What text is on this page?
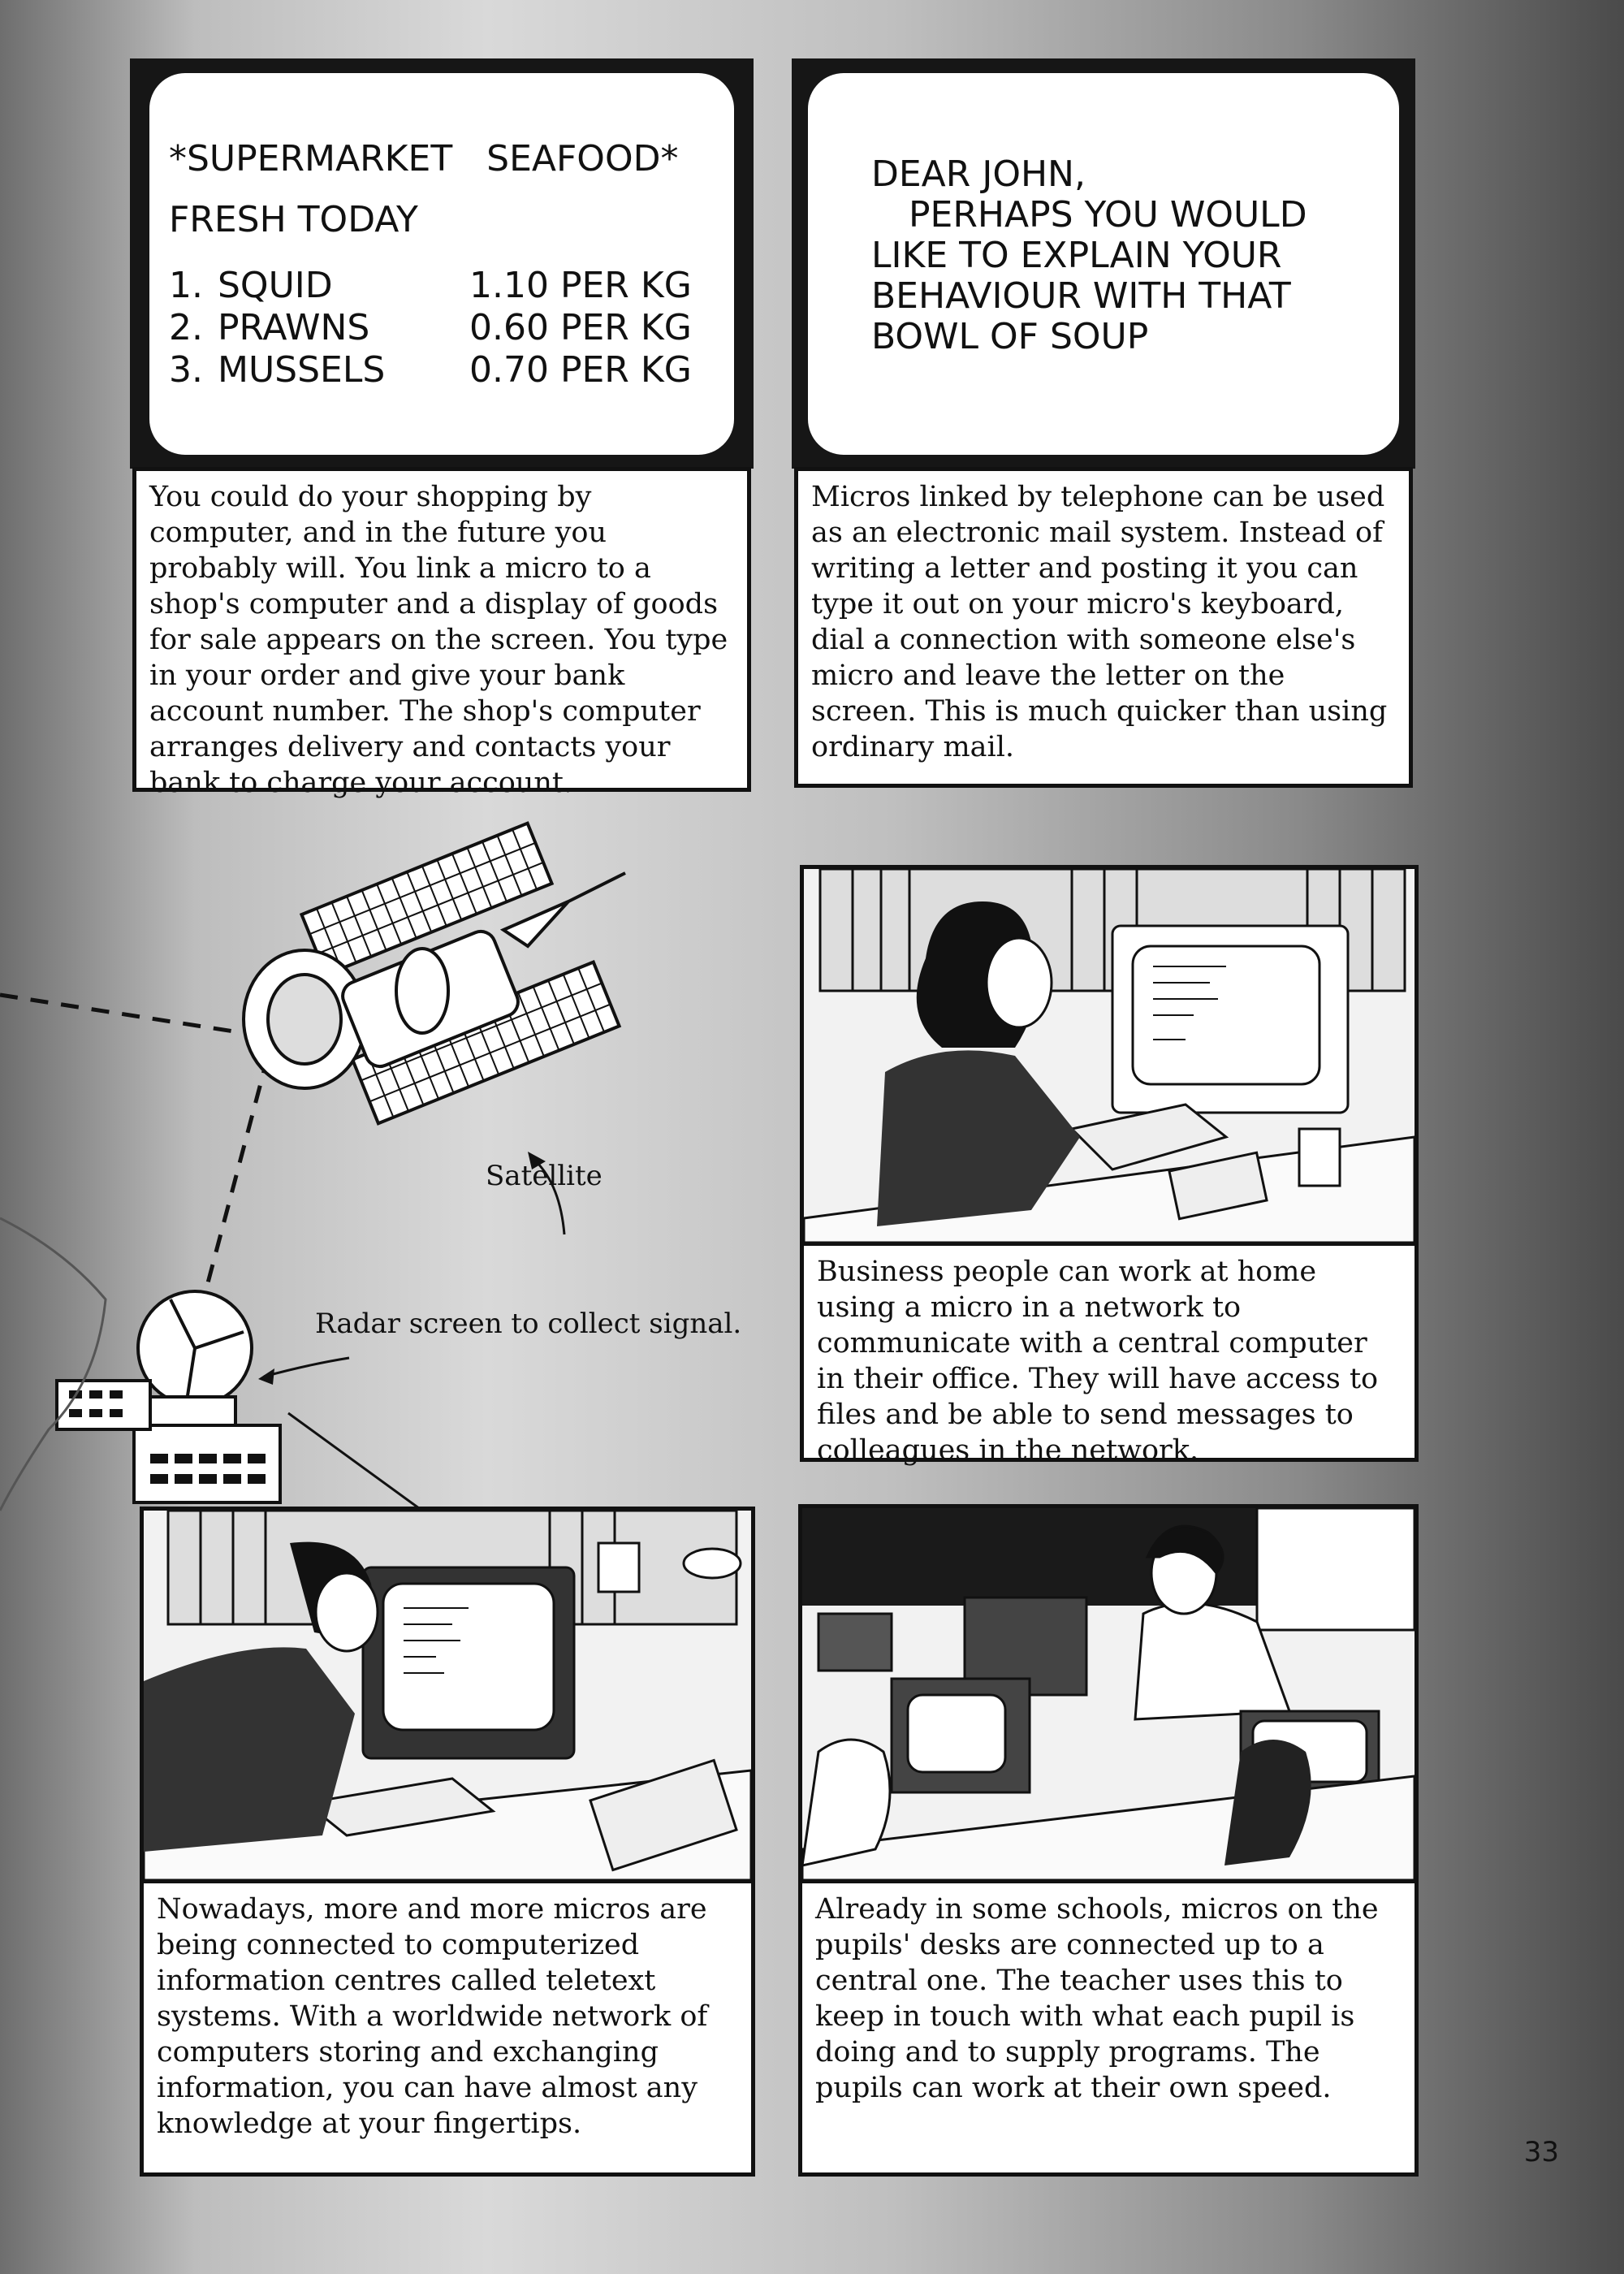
*SUPERMARKET   SEAFOOD*
FRESH TODAY
1. SQUID	1.10 PER KG
2. PRAWNS	0.60 PER KG
3. MUSSELS	0.70 PER KG
You could do your shopping by computer, and in the future you probably will. You link a micro to a shop's computer and a display of goods for sale appears on the screen. You type in your order and give your bank account number. The shop's computer arranges delivery and contacts your bank to charge your account.
DEAR JOHN,
PERHAPS YOU WOULD
LIKE TO EXPLAIN YOUR
BEHAVIOUR WITH THAT
BOWL OF SOUP
Micros linked by telephone can be used as an electronic mail system. Instead of writing a letter and posting it you can type it out on your micro's keyboard, dial a connection with someone else's micro and leave the letter on the screen. This is much quicker than using ordinary mail.
Satellite
Radar screen to collect signal.
Business people can work at home using a micro in a network to communicate with a central computer in their office. They will have access to files and be able to send messages to colleagues in the network.
Nowadays, more and more micros are being connected to computerized information centres called teletext systems. With a worldwide network of computers storing and exchanging information, you can have almost any knowledge at your fingertips.
Already in some schools, micros on the pupils' desks are connected up to a central one. The teacher uses this to keep in touch with what each pupil is doing and to supply programs. The pupils can work at their own speed.
33
